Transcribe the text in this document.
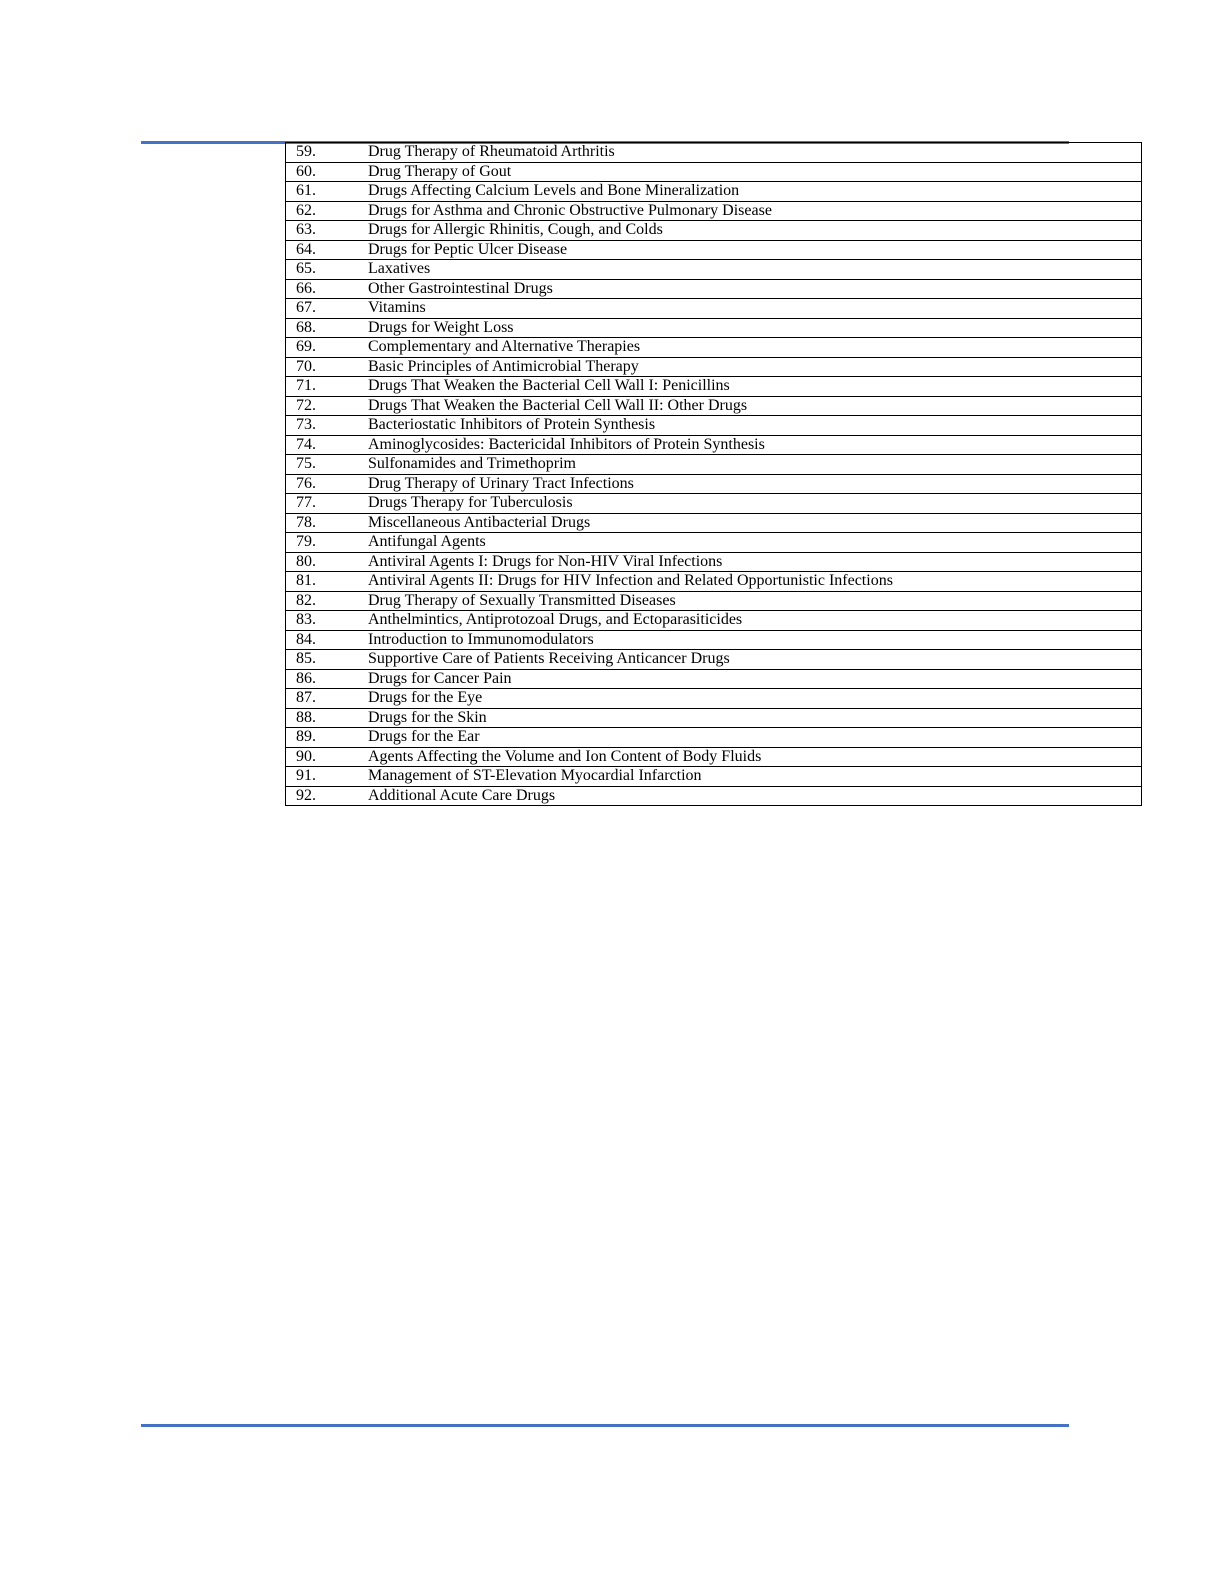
59.	Drug Therapy of Rheumatoid Arthritis
60.	Drug Therapy of Gout
61.	Drugs Affecting Calcium Levels and Bone Mineralization
62.	Drugs for Asthma and Chronic Obstructive Pulmonary Disease
63.	Drugs for Allergic Rhinitis, Cough, and Colds
64.	Drugs for Peptic Ulcer Disease
65.	Laxatives
66.	Other Gastrointestinal Drugs
67.	Vitamins
68.	Drugs for Weight Loss
69.	Complementary and Alternative Therapies
70.	Basic Principles of Antimicrobial Therapy
71.	Drugs That Weaken the Bacterial Cell Wall I: Penicillins
72.	Drugs That Weaken the Bacterial Cell Wall II: Other Drugs
73.	Bacteriostatic Inhibitors of Protein Synthesis
74.	Aminoglycosides: Bactericidal Inhibitors of Protein Synthesis
75.	Sulfonamides and Trimethoprim
76.	Drug Therapy of Urinary Tract Infections
77.	Drugs Therapy for Tuberculosis
78.	Miscellaneous Antibacterial Drugs
79.	Antifungal Agents
80.	Antiviral Agents I: Drugs for Non-HIV Viral Infections
81.	Antiviral Agents II: Drugs for HIV Infection and Related Opportunistic Infections
82.	Drug Therapy of Sexually Transmitted Diseases
83.	Anthelmintics, Antiprotozoal Drugs, and Ectoparasiticides
84.	Introduction to Immunomodulators
85.	Supportive Care of Patients Receiving Anticancer Drugs
86.	Drugs for Cancer Pain
87.	Drugs for the Eye
88.	Drugs for the Skin
89.	Drugs for the Ear
90.	Agents Affecting the Volume and Ion Content of Body Fluids
91.	Management of ST-Elevation Myocardial Infarction
92.	Additional Acute Care Drugs
